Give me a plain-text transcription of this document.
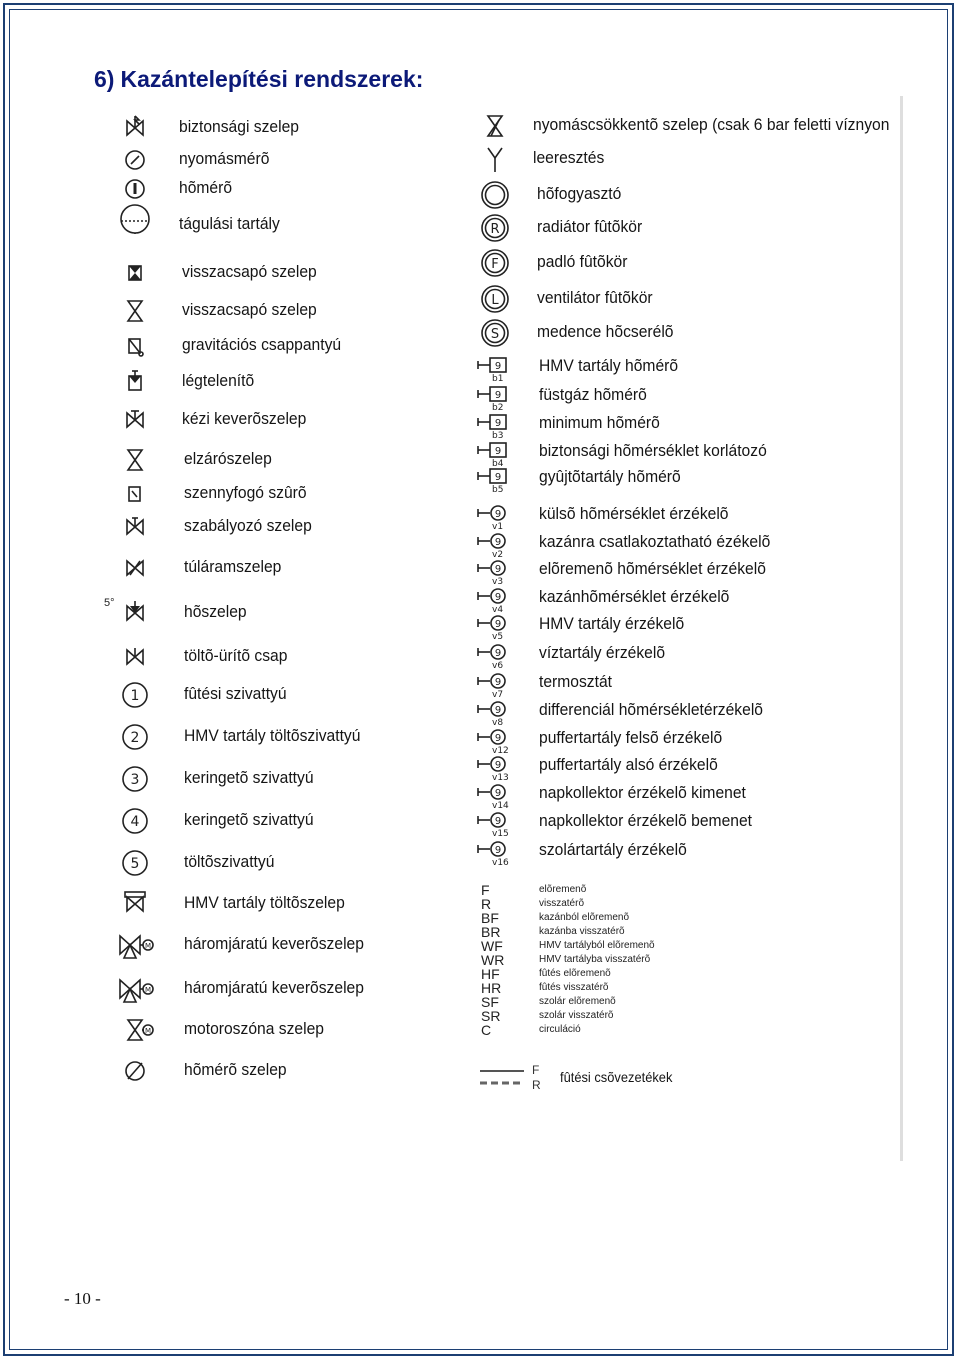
6) Kazántelepítési rendszerek:
biztonsági szelep
nyomásmérõ
hõmérõ
tágulási tartály
visszacsapó szelep
visszacsapó szelep
gravitációs csappantyú
légtelenítõ
kézi keverõszelep
elzárószelep
szennyfogó szûrõ
szabályozó szelep
túláramszelep
hõszelep
töltõ-ürítõ csap
1	fûtési szivattyú
2	HMV tartály töltõszivattyú
3	keringetõ szivattyú
4	keringetõ szivattyú
5	töltõszivattyú
HMV tartály töltõszelep
M háromjáratú keverõszelep
M háromjáratú keverõszelep
M motoroszóna szelep
hõmérõ szelep
nyomáscsökkentõ szelep (csak 6 bar feletti víznyon
leeresztés
hõfogyasztó
R radiátor fûtõkör
F padló fûtõkör
L ventilátor fûtõkör
S medence hõcserélõ
9
b1
HMV tartály hõmérõ
9
b2
füstgáz hõmérõ
9
b3
minimum hõmérõ
9
b4
biztonsági hõmérséklet korlátozó
9
b5
gyûjtõtartály hõmérõ
9
v1
külsõ hõmérséklet érzékelõ
9
v2
kazánra csatlakoztatható ézékelõ
9
v3
elõremenõ hõmérséklet érzékelõ
9
v4
kazánhõmérséklet érzékelõ
9
v5
HMV tartály érzékelõ
9
v6
víztartály érzékelõ
9
v7
termosztát
9
v8
differenciál hõmérsékletérzékelõ
9
v12
puffertartály felsõ érzékelõ
9
v13
puffertartály alsó érzékelõ
9
v14
napkollektor érzékelõ kimenet
9
v15
napkollektor érzékelõ bemenet
9
v16
szolártartály érzékelõ
5°
F	elõremenõ
R	visszatérõ
BF	kazánból elõremenõ
BR	kazánba visszatérõ
WF	HMV tartályból elõremenõ
WR	HMV tartályba visszatérõ
HF	fûtés elõremenõ
HR	fûtés visszatérõ
SF	szolár elõremenõ
SR	szolár visszatérõ
C	circuláció
F
R fûtési csõvezetékek
- 10 -
